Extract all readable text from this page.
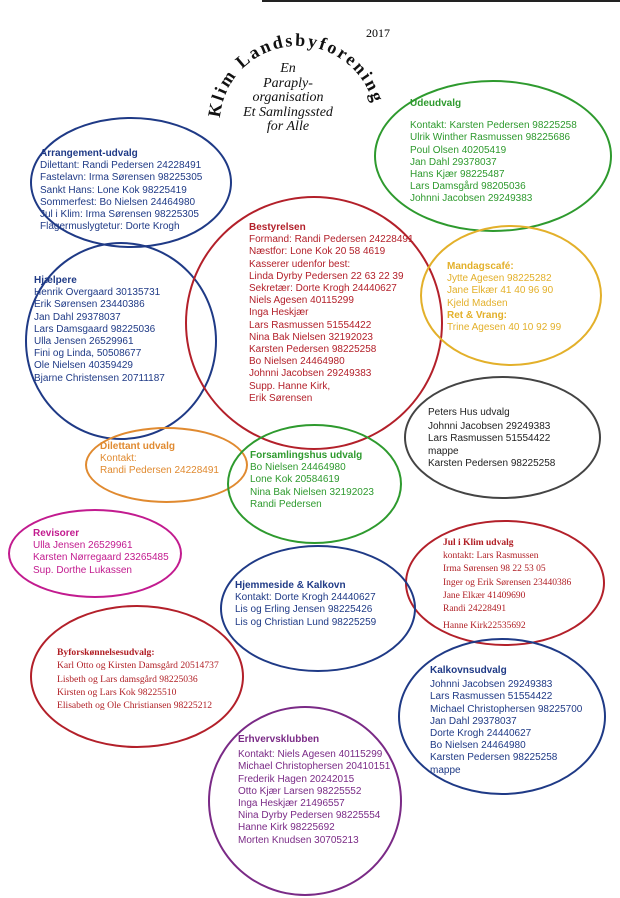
2017
Klim Landsbyforening
En
Paraply-
organisation
Et Samlingssted
for Alle
Arrangement-udvalg
Dilettant: Randi Pedersen 24228491
Fastelavn: Irma Sørensen 98225305
Sankt Hans: Lone Kok 98225419
Sommerfest: Bo Nielsen 24464980
Jul i Klim: Irma Sørensen 98225305
Flagermuslygtetur: Dorte Krogh
Hjælpere
Henrik Overgaard 30135731
Erik Sørensen 23440386
Jan Dahl 29378037
Lars Damsgaard 98225036
Ulla Jensen 26529961
Fini og Linda, 50508677
Ole Nielsen 40359429
Bjarne Christensen 20711187
Bestyrelsen
Formand: Randi Pedersen 24228491
Næstfor: Lone Kok 20 58 4619
Kasserer udenfor best:
Linda Dyrby Pedersen 22 63 22 39
Sekretær: Dorte Krogh 24440627
Niels Agesen 40115299
Inga Heskjær
Lars Rasmussen 51554422
Nina Bak Nielsen 32192023
Karsten Pedersen 98225258
Bo Nielsen 24464980
Johnni Jacobsen 29249383
Supp. Hanne Kirk,
Erik Sørensen
Udeudvalg
Kontakt: Karsten Pedersen 98225258
Ulrik Winther Rasmussen 98225686
Poul Olsen 40205419
Jan Dahl 29378037
Hans Kjær 98225487
Lars Damsgård 98205036
Johnni Jacobsen 29249383
Mandagscafé:
Jytte Agesen 98225282
Jane Elkær 41 40 96 90
Kjeld Madsen
Ret & Vrang:
Trine Agesen 40 10 92 99
Peters Hus udvalg
Johnni Jacobsen 29249383
Lars Rasmussen 51554422
mappe
Karsten Pedersen 98225258
Dilettant udvalg
Kontakt:
Randi Pedersen 24228491
Forsamlingshus udvalg
Bo Nielsen 24464980
Lone Kok 20584619
Nina Bak Nielsen 32192023
Randi Pedersen
Revisorer
Ulla Jensen 26529961
Karsten Nørregaard 23265485
Sup. Dorthe Lukassen
Jul i Klim udvalg
kontakt: Lars Rasmussen
Irma Sørensen 98 22 53 05
Inger og Erik Sørensen 23440386
Jane Elkær 41409690
Randi 24228491
Hanne Kirk22535692
Hjemmeside & Kalkovn
Kontakt: Dorte Krogh 24440627
Lis og Erling Jensen 98225426
Lis og Christian Lund 98225259
Byforskønnelsesudvalg:
Karl Otto og Kirsten Damsgård 20514737
Lisbeth og Lars damsgård 98225036
Kirsten og Lars Kok 98225510
Elisabeth og Ole Christiansen 98225212
Kalkovnsudvalg
Johnni Jacobsen 29249383
Lars Rasmussen 51554422
Michael Christophersen 98225700
Jan Dahl 29378037
Dorte Krogh 24440627
Bo Nielsen 24464980
Karsten Pedersen 98225258
mappe
Erhvervsklubben
Kontakt: Niels Agesen 40115299
Michael Christophersen 20410151
Frederik Hagen 20242015
Otto Kjær Larsen 98225552
Inga Heskjær 21496557
Nina Dyrby Pedersen 98225554
Hanne Kirk 98225692
Morten Knudsen 30705213
